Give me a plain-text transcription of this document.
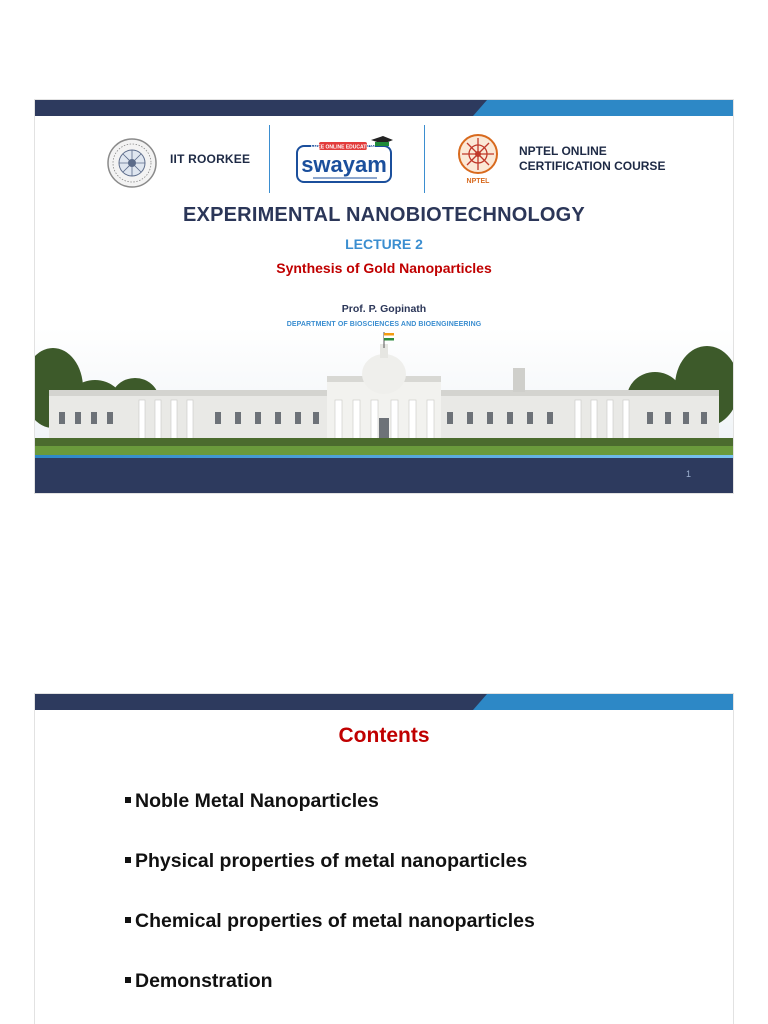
IIT ROORKEE
FREE ONLINE EDUCATION
swayam
NPTEL
NPTEL ONLINE
CERTIFICATION COURSE
EXPERIMENTAL NANOBIOTECHNOLOGY
LECTURE 2
Synthesis of Gold Nanoparticles
Prof. P. Gopinath
DEPARTMENT OF BIOSCIENCES AND BIOENGINEERING
1
Contents
Noble Metal Nanoparticles
Physical properties of metal nanoparticles
Chemical properties of metal nanoparticles
Demonstration
